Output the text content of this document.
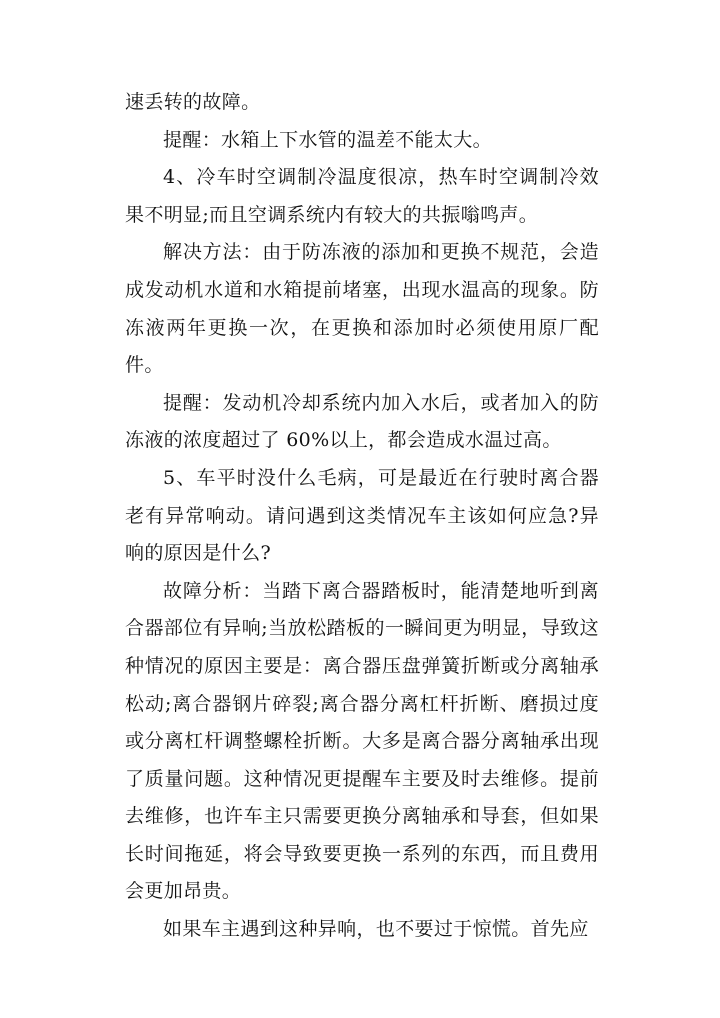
速丢转的故障。

提醒：水箱上下水管的温差不能太大。

4、冷车时空调制冷温度很凉，热车时空调制冷效果不明显;而且空调系统内有较大的共振嗡鸣声。

解决方法：由于防冻液的添加和更换不规范，会造成发动机水道和水箱提前堵塞，出现水温高的现象。防冻液两年更换一次，在更换和添加时必须使用原厂配件。

提醒：发动机冷却系统内加入水后，或者加入的防冻液的浓度超过了 60%以上，都会造成水温过高。

5、车平时没什么毛病，可是最近在行驶时离合器老有异常响动。请问遇到这类情况车主该如何应急?异响的原因是什么?

故障分析：当踏下离合器踏板时，能清楚地听到离合器部位有异响;当放松踏板的一瞬间更为明显，导致这种情况的原因主要是：离合器压盘弹簧折断或分离轴承松动;离合器钢片碎裂;离合器分离杠杆折断、磨损过度或分离杠杆调整螺栓折断。大多是离合器分离轴承出现了质量问题。这种情况更提醒车主要及时去维修。提前去维修，也许车主只需要更换分离轴承和导套，但如果长时间拖延，将会导致要更换一系列的东西，而且费用会更加昂贵。

如果车主遇到这种异响，也不要过于惊慌。首先应
